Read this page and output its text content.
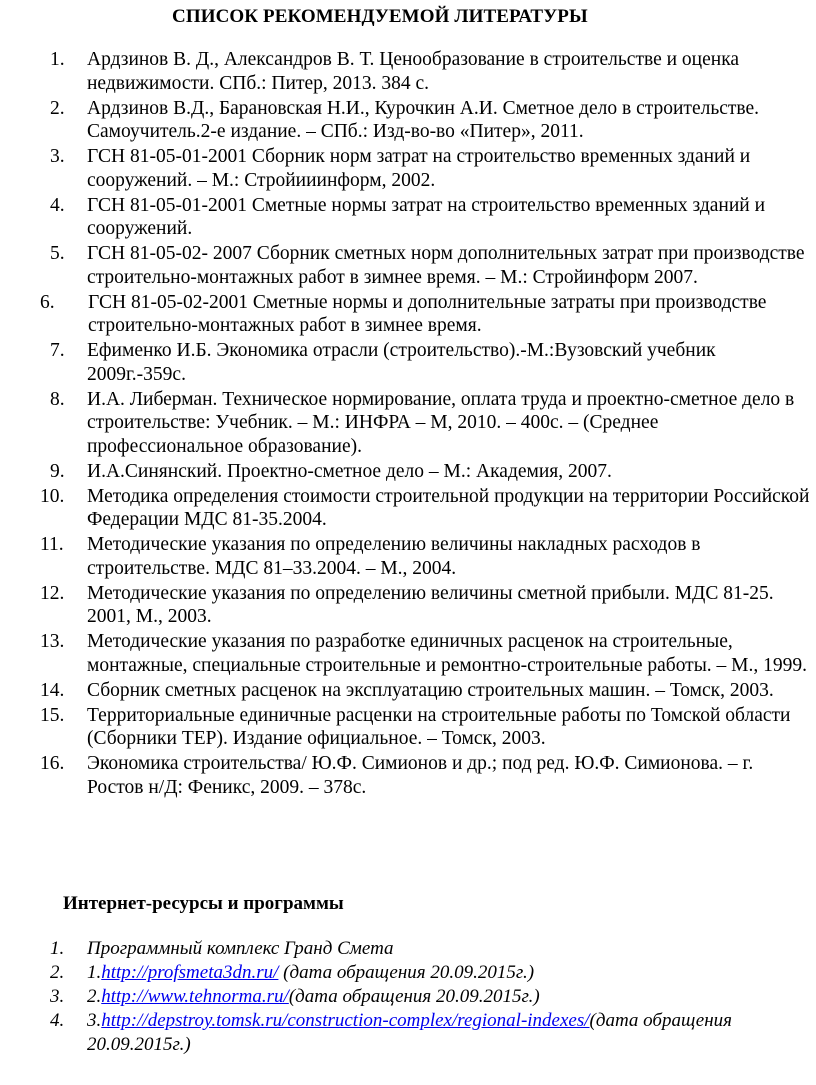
СПИСОК РЕКОМЕНДУЕМОЙ ЛИТЕРАТУРЫ
1. Ардзинов В. Д., Александров В. Т. Ценообразование в строительстве и оценка недвижимости. СПб.: Питер, 2013. 384 с.
2. Ардзинов В.Д., Барановская Н.И., Курочкин А.И. Сметное дело в строительстве. Самоучитель.2-е издание. – СПб.: Изд-во-во «Питер», 2011.
3. ГСН 81-05-01-2001 Сборник норм затрат на строительство временных зданий и сооружений. – М.: Стройииинформ, 2002.
4. ГСН 81-05-01-2001 Сметные нормы затрат на строительство временных зданий и сооружений.
5. ГСН 81-05-02- 2007 Сборник сметных норм дополнительных затрат при производстве строительно-монтажных работ в зимнее время. – М.: Стройинформ 2007.
6. ГСН 81-05-02-2001 Сметные нормы и дополнительные затраты при производстве строительно-монтажных работ в зимнее время.
7. Ефименко И.Б. Экономика отрасли (строительство).-М.:Вузовский учебник 2009г.-359с.
8. И.А. Либерман. Техническое нормирование, оплата труда и проектно-сметное дело в строительстве: Учебник. – М.: ИНФРА – М, 2010. – 400с. – (Среднее профессиональное образование).
9. И.А.Синянский. Проектно-сметное дело – М.: Академия, 2007.
10. Методика определения стоимости строительной продукции на территории Российской Федерации МДС 81-35.2004.
11. Методические указания по определению величины накладных расходов в строительстве. МДС 81–33.2004. – М., 2004.
12. Методические указания по определению величины сметной прибыли. МДС 81-25. 2001, М., 2003.
13. Методические указания по разработке единичных расценок на строительные, монтажные, специальные строительные и ремонтно-строительные работы. – М., 1999.
14. Сборник сметных расценок на эксплуатацию строительных машин. – Томск, 2003.
15. Территориальные единичные расценки на строительные работы по Томской области (Сборники ТЕР). Издание официальное. – Томск, 2003.
16. Экономика строительства/ Ю.Ф. Симионов и др.; под ред. Ю.Ф. Симионова. – г. Ростов н/Д: Феникс, 2009. – 378с.
Интернет-ресурсы и программы
1. Программный комплекс Гранд Смета
2. 1.http://profsmeta3dn.ru/ (дата обращения 20.09.2015г.)
3. 2.http://www.tehnorma.ru/(дата обращения 20.09.2015г.)
4. 3.http://depstroy.tomsk.ru/construction-complex/regional-indexes/(дата обращения 20.09.2015г.)
